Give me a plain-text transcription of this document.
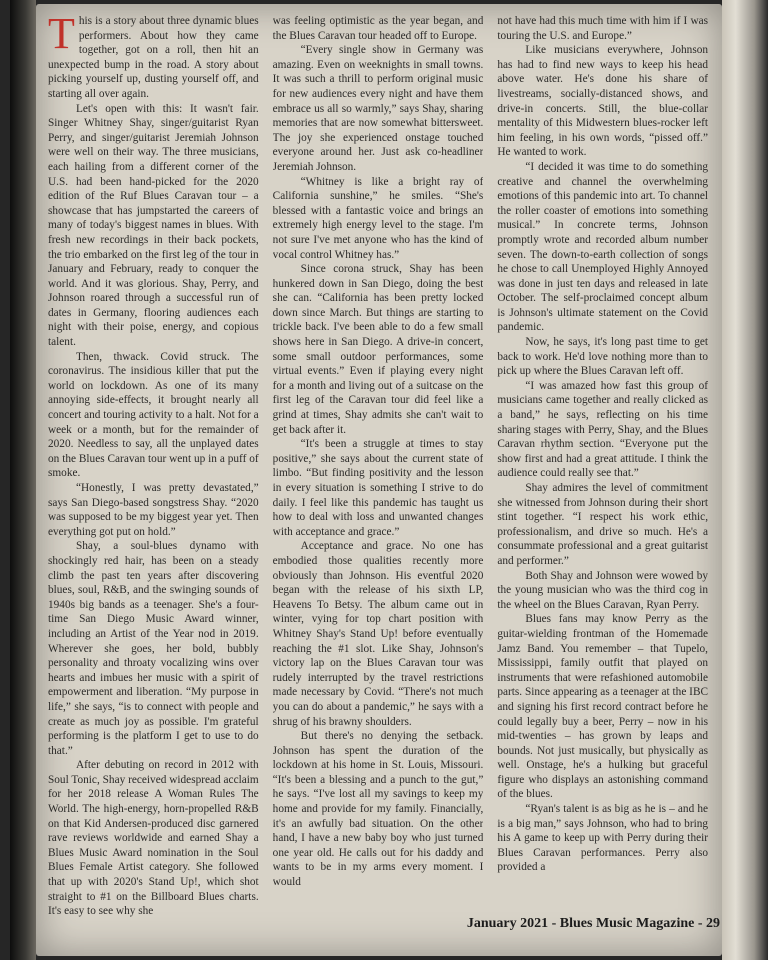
This is a story about three dynamic blues performers. About how they came together, got on a roll, then hit an unexpected bump in the road. A story about picking yourself up, dusting yourself off, and starting all over again.

Let's open with this: It wasn't fair. Singer Whitney Shay, singer/guitarist Ryan Perry, and singer/guitarist Jeremiah Johnson were well on their way. The three musicians, each hailing from a different corner of the U.S. had been hand-picked for the 2020 edition of the Ruf Blues Caravan tour – a showcase that has jumpstarted the careers of many of today's biggest names in blues. With fresh new recordings in their back pockets, the trio embarked on the first leg of the tour in January and February, ready to conquer the world. And it was glorious. Shay, Perry, and Johnson roared through a successful run of dates in Germany, flooring audiences each night with their poise, energy, and copious talent.

Then, thwack. Covid struck. The coronavirus. The insidious killer that put the world on lockdown. As one of its many annoying side-effects, it brought nearly all concert and touring activity to a halt. Not for a week or a month, but for the remainder of 2020. Needless to say, all the unplayed dates on the Blues Caravan tour went up in a puff of smoke.

“Honestly, I was pretty devastated,” says San Diego-based songstress Shay. “2020 was supposed to be my biggest year yet. Then everything got put on hold.”

Shay, a soul-blues dynamo with shockingly red hair, has been on a steady climb the past ten years after discovering blues, soul, R&B, and the swinging sounds of 1940s big bands as a teenager. She's a four-time San Diego Music Award winner, including an Artist of the Year nod in 2019. Wherever she goes, her bold, bubbly personality and throaty vocalizing wins over hearts and imbues her music with a spirit of empowerment and liberation. “My purpose in life,” she says, “is to connect with people and create as much joy as possible. I'm grateful performing is the platform I get to use to do that.”

After debuting on record in 2012 with Soul Tonic, Shay received widespread acclaim for her 2018 release A Woman Rules The World. The high-energy, horn-propelled R&B on that Kid Andersen-produced disc garnered rave reviews worldwide and earned Shay a Blues Music Award nomination in the Soul Blues Female Artist category. She followed that up with 2020's Stand Up!, which shot straight to #1 on the Billboard Blues charts. It's easy to see why she

was feeling optimistic as the year began, and the Blues Caravan tour headed off to Europe.

“Every single show in Germany was amazing. Even on weeknights in small towns. It was such a thrill to perform original music for new audiences every night and have them embrace us all so warmly,” says Shay, sharing memories that are now somewhat bittersweet. The joy she experienced onstage touched everyone around her. Just ask co-headliner Jeremiah Johnson.

“Whitney is like a bright ray of California sunshine,” he smiles. “She's blessed with a fantastic voice and brings an extremely high energy level to the stage. I'm not sure I've met anyone who has the kind of vocal control Whitney has.”

Since corona struck, Shay has been hunkered down in San Diego, doing the best she can. “California has been pretty locked down since March. But things are starting to trickle back. I've been able to do a few small shows here in San Diego. A drive-in concert, some small outdoor performances, some virtual events.” Even if playing every night for a month and living out of a suitcase on the first leg of the Caravan tour did feel like a grind at times, Shay admits she can't wait to get back after it.

“It's been a struggle at times to stay positive,” she says about the current state of limbo. “But finding positivity and the lesson in every situation is something I strive to do daily. I feel like this pandemic has taught us how to deal with loss and unwanted changes with acceptance and grace.”

Acceptance and grace. No one has embodied those qualities recently more obviously than Johnson. His eventful 2020 began with the release of his sixth LP, Heavens To Betsy. The album came out in winter, vying for top chart position with Whitney Shay's Stand Up! before eventually reaching the #1 slot. Like Shay, Johnson's victory lap on the Blues Caravan tour was rudely interrupted by the travel restrictions made necessary by Covid. “There's not much you can do about a pandemic,” he says with a shrug of his brawny shoulders.

But there's no denying the setback. Johnson has spent the duration of the lockdown at his home in St. Louis, Missouri. “It's been a blessing and a punch to the gut,” he says. “I've lost all my savings to keep my home and provide for my family. Financially, it's an awfully bad situation. On the other hand, I have a new baby boy who just turned one year old. He calls out for his daddy and wants to be in my arms every moment. I would

not have had this much time with him if I was touring the U.S. and Europe.”

Like musicians everywhere, Johnson has had to find new ways to keep his head above water. He's done his share of livestreams, socially-distanced shows, and drive-in concerts. Still, the blue-collar mentality of this Midwestern blues-rocker left him feeling, in his own words, “pissed off.” He wanted to work.

“I decided it was time to do something creative and channel the overwhelming emotions of this pandemic into art. To channel the roller coaster of emotions into something musical.” In concrete terms, Johnson promptly wrote and recorded album number seven. The down-to-earth collection of songs he chose to call Unemployed Highly Annoyed was done in just ten days and released in late October. The self-proclaimed concept album is Johnson's ultimate statement on the Covid pandemic.

Now, he says, it's long past time to get back to work. He'd love nothing more than to pick up where the Blues Caravan left off.

“I was amazed how fast this group of musicians came together and really clicked as a band,” he says, reflecting on his time sharing stages with Perry, Shay, and the Blues Caravan rhythm section. “Everyone put the show first and had a great attitude. I think the audience could really see that.”

Shay admires the level of commitment she witnessed from Johnson during their short stint together. “I respect his work ethic, professionalism, and drive so much. He's a consummate professional and a great guitarist and performer.”

Both Shay and Johnson were wowed by the young musician who was the third cog in the wheel on the Blues Caravan, Ryan Perry.

Blues fans may know Perry as the guitar-wielding frontman of the Homemade Jamz Band. You remember – that Tupelo, Mississippi, family outfit that played on instruments that were refashioned automobile parts. Since appearing as a teenager at the IBC and signing his first record contract before he could legally buy a beer, Perry – now in his mid-twenties – has grown by leaps and bounds. Not just musically, but physically as well. Onstage, he's a hulking but graceful figure who displays an astonishing command of the blues.

“Ryan's talent is as big as he is – and he is a big man,” says Johnson, who had to bring his A game to keep up with Perry during their Blues Caravan performances. Perry also provided a

January 2021 - Blues Music Magazine - 29
